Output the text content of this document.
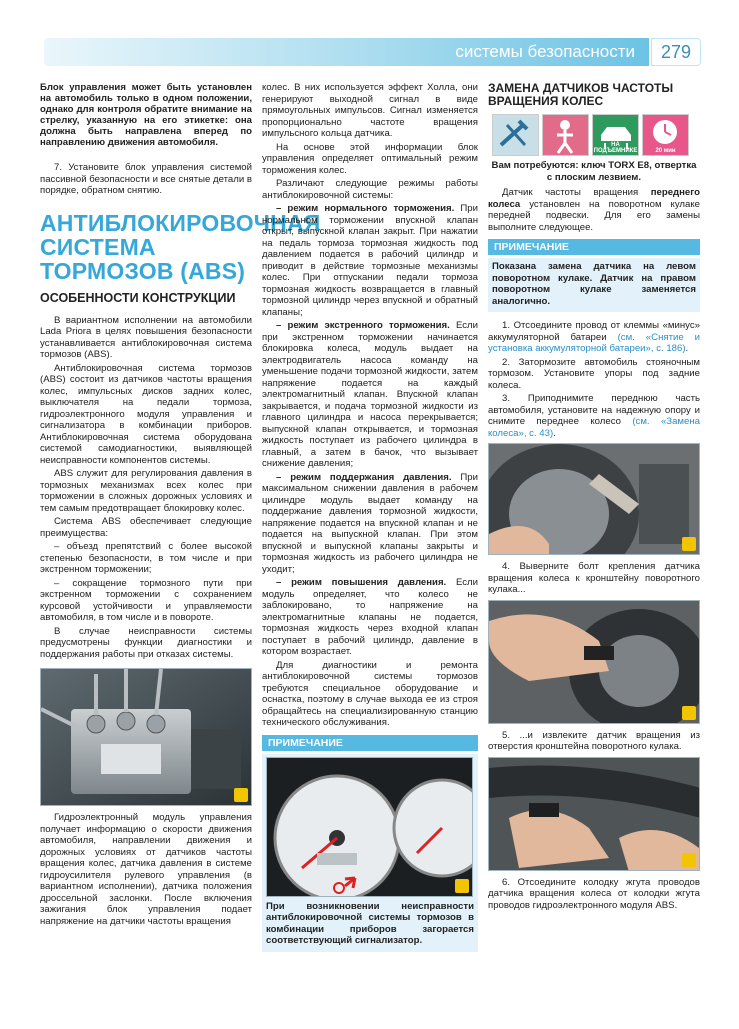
системы безопасности	279

Блок управления может быть установлен на автомобиль только в одном положении, однако для контроля обратите внимание на стрелку, указанную на его этикетке: она должна быть направлена вперед по направлению движения автомобиля.

7. Установите блок управления системой пассивной безопасности и все снятые детали в порядке, обратном снятию.

АНТИБЛОКИРОВОЧНАЯ СИСТЕМА ТОРМОЗОВ (ABS)
ОСОБЕННОСТИ КОНСТРУКЦИИ

В вариантном исполнении на автомобили Lada Priora в целях повышения безопасности устанавливается антиблокировочная система тормозов (ABS).

Антиблокировочная система тормозов (ABS) состоит из датчиков частоты вращения колес, импульсных дисков задних колес, выключателя на педали тормоза, гидроэлектронного модуля управления и сигнализатора в комбинации приборов. Антиблокировочная система оборудована системой самодиагностики, выявляющей неисправности компонентов системы.

ABS служит для регулирования давления в тормозных механизмах всех колес при торможении в сложных дорожных условиях и тем самым предотвращает блокировку колес.

Система ABS обеспечивает следующие преимущества:

– объезд препятствий с более высокой степенью безопасности, в том числе и при экстренном торможении;

– сокращение тормозного пути при экстренном торможении с сохранением курсовой устойчивости и управляемости автомобиля, в том числе и в повороте.

В случае неисправности системы предусмотрены функции диагностики и поддержания работы при отказах системы.

Гидроэлектронный модуль управления получает информацию о скорости движения автомобиля, направлении движения и дорожных условиях от датчиков частоты вращения колес, датчика давления в системе гидроусилителя рулевого управления (в вариантном исполнении), датчика положения дроссельной заслонки. После включения зажигания блок управления подает напряжение на датчики частоты вращения

колес. В них используется эффект Холла, они генерируют выходной сигнал в виде прямоугольных импульсов. Сигнал изменяется пропорционально частоте вращения импульсного кольца датчика.

На основе этой информации блок управления определяет оптимальный режим торможения колес.

Различают следующие режимы работы антиблокировочной системы:

– режим нормального торможения. При нормальном торможении впускной клапан открыт, выпускной клапан закрыт. При нажатии на педаль тормоза тормозная жидкость под давлением подается в рабочий цилиндр и приводит в действие тормозные механизмы колес. При отпускании педали тормоза тормозная жидкость возвращается в главный тормозной цилиндр через впускной и обратный клапаны;

– режим экстренного торможения. Если при экстренном торможении начинается блокировка колеса, модуль выдает на электродвигатель насоса команду на уменьшение подачи тормозной жидкости, затем напряжение подается на каждый электромагнитный клапан. Впускной клапан закрывается, и подача тормозной жидкости из главного цилиндра и насоса перекрывается; выпускной клапан открывается, и тормозная жидкость поступает из рабочего цилиндра в главный, а затем в бачок, что вызывает снижение давления;

– режим поддержания давления. При максимальном снижении давления в рабочем цилиндре модуль выдает команду на поддержание давления тормозной жидкости, напряжение подается на впускной клапан и не подается на выпускной клапан. При этом впускной и выпускной клапаны закрыты и тормозная жидкость из рабочего цилиндра не уходит;

– режим повышения давления. Если модуль определяет, что колесо не заблокировано, то напряжение на электромагнитные клапаны не подается, тормозная жидкость через входной клапан поступает в рабочий цилиндр, давление в котором возрастает.

Для диагностики и ремонта антиблокировочной системы тормозов требуются специальное оборудование и оснастка, поэтому в случае выхода ее из строя обращайтесь на специализированную станцию технического обслуживания.

ПРИМЕЧАНИЕ

При возникновении неисправности антиблокировочной системы тормозов в комбинации приборов загорается соответствующий сигнализатор.

ЗАМЕНА ДАТЧИКОВ ЧАСТОТЫ ВРАЩЕНИЯ КОЛЕС
НА ПОДЪЕМНИКЕ	20 мин

Вам потребуются: ключ TORX E8, отвертка с плоским лезвием.

Датчик частоты вращения переднего колеса установлен на поворотном кулаке передней подвески. Для его замены выполните следующее.

ПРИМЕЧАНИЕ

Показана замена датчика на левом поворотном кулаке. Датчик на правом поворотном кулаке заменяется аналогично.

1. Отсоедините провод от клеммы «минус» аккумуляторной батареи (см. «Снятие и установка аккумуляторной батареи», с. 186).

2. Затормозите автомобиль стояночным тормозом. Установите упоры под задние колеса.

3. Приподнимите переднюю часть автомобиля, установите на надежную опору и снимите переднее колесо (см. «Замена колеса», с. 43).

4. Выверните болт крепления датчика вращения колеса к кронштейну поворотного кулака...

5. ...и извлеките датчик вращения из отверстия кронштейна поворотного кулака.

6. Отсоедините колодку жгута проводов датчика вращения колеса от колодки жгута проводов гидроэлектронного модуля ABS.
